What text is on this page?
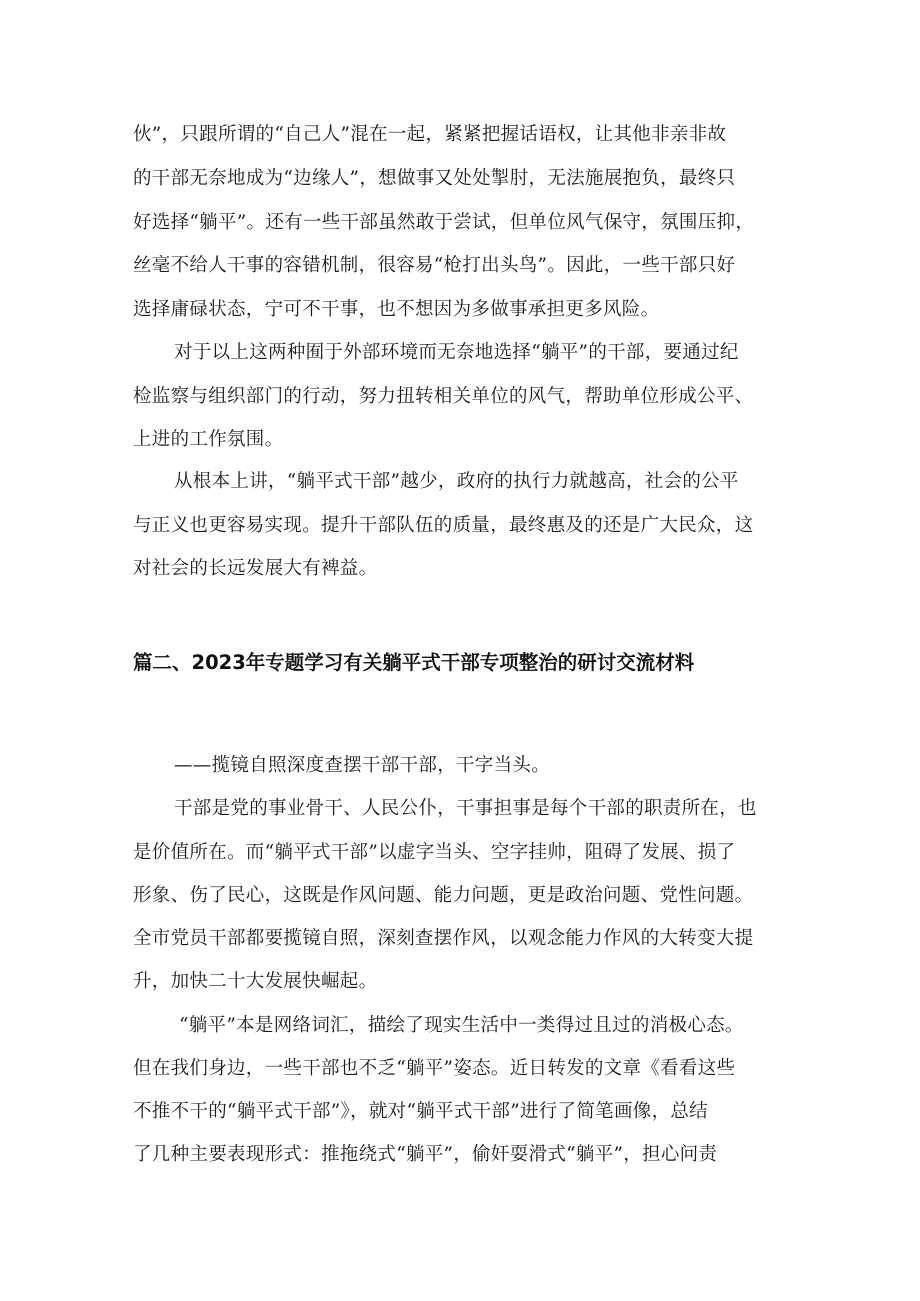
伙”，只跟所谓的“自己人”混在一起，紧紧把握话语权，让其他非亲非故
的干部无奈地成为“边缘人”，想做事又处处掣肘，无法施展抱负，最终只
好选择“躺平”。还有一些干部虽然敢于尝试，但单位风气保守，氛围压抑，
丝毫不给人干事的容错机制，很容易“枪打出头鸟”。因此，一些干部只好
选择庸碌状态，宁可不干事，也不想因为多做事承担更多风险。
对于以上这两种囿于外部环境而无奈地选择“躺平”的干部，要通过纪
检监察与组织部门的行动，努力扭转相关单位的风气，帮助单位形成公平、
上进的工作氛围。
从根本上讲，“躺平式干部”越少，政府的执行力就越高，社会的公平
与正义也更容易实现。提升干部队伍的质量，最终惠及的还是广大民众，这
对社会的长远发展大有裨益。
篇二、2023年专题学习有关躺平式干部专项整治的研讨交流材料
——揽镜自照深度查摆干部干部，干字当头。
干部是党的事业骨干、人民公仆，干事担事是每个干部的职责所在，也
是价值所在。而“躺平式干部”以虚字当头、空字挂帅，阻碍了发展、损了
形象、伤了民心，这既是作风问题、能力问题，更是政治问题、党性问题。
全市党员干部都要揽镜自照，深刻查摆作风，以观念能力作风的大转变大提
升，加快二十大发展快崛起。
“躺平”本是网络词汇，描绘了现实生活中一类得过且过的消极心态。
但在我们身边，一些干部也不乏“躺平”姿态。近日转发的文章《看看这些
不推不干的“躺平式干部”》，就对“躺平式干部”进行了简笔画像，总结
了几种主要表现形式：推拖绕式“躺平”，偷奸耍滑式“躺平”，担心问责
